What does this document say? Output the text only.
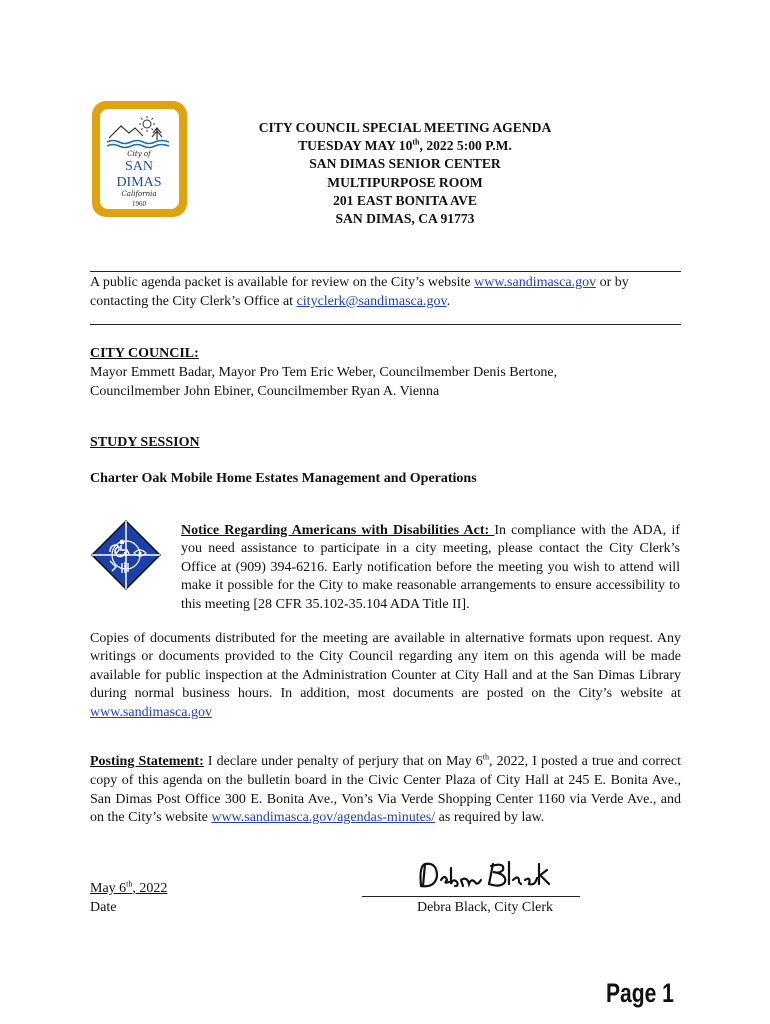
City of
SAN
DIMAS
California
1960
CITY COUNCIL SPECIAL MEETING AGENDA
TUESDAY MAY 10th, 2022 5:00 P.M.
SAN DIMAS SENIOR CENTER
MULTIPURPOSE ROOM
201 EAST BONITA AVE
SAN DIMAS, CA 91773
A public agenda packet is available for review on the City’s website www.sandimasca.gov or by contacting the City Clerk’s Office at cityclerk@sandimasca.gov.
CITY COUNCIL:
Mayor Emmett Badar, Mayor Pro Tem Eric Weber, Councilmember Denis Bertone,
Councilmember John Ebiner, Councilmember Ryan A. Vienna
STUDY SESSION
Charter Oak Mobile Home Estates Management and Operations
Notice Regarding Americans with Disabilities Act: In compliance with the ADA, if you need assistance to participate in a city meeting, please contact the City Clerk’s Office at (909) 394-6216. Early notification before the meeting you wish to attend will make it possible for the City to make reasonable arrangements to ensure accessibility to this meeting [28 CFR 35.102-35.104 ADA Title II].
Copies of documents distributed for the meeting are available in alternative formats upon request. Any writings or documents provided to the City Council regarding any item on this agenda will be made available for public inspection at the Administration Counter at City Hall and at the San Dimas Library during normal business hours. In addition, most documents are posted on the City’s website at www.sandimasca.gov
Posting Statement: I declare under penalty of perjury that on May 6th, 2022, I posted a true and correct copy of this agenda on the bulletin board in the Civic Center Plaza of City Hall at 245 E. Bonita Ave., San Dimas Post Office 300 E. Bonita Ave., Von’s Via Verde Shopping Center 1160 via Verde Ave., and on the City’s website www.sandimasca.gov/agendas-minutes/ as required by law.
May 6th, 2022
Date	Debra Black, City Clerk
Page 1
